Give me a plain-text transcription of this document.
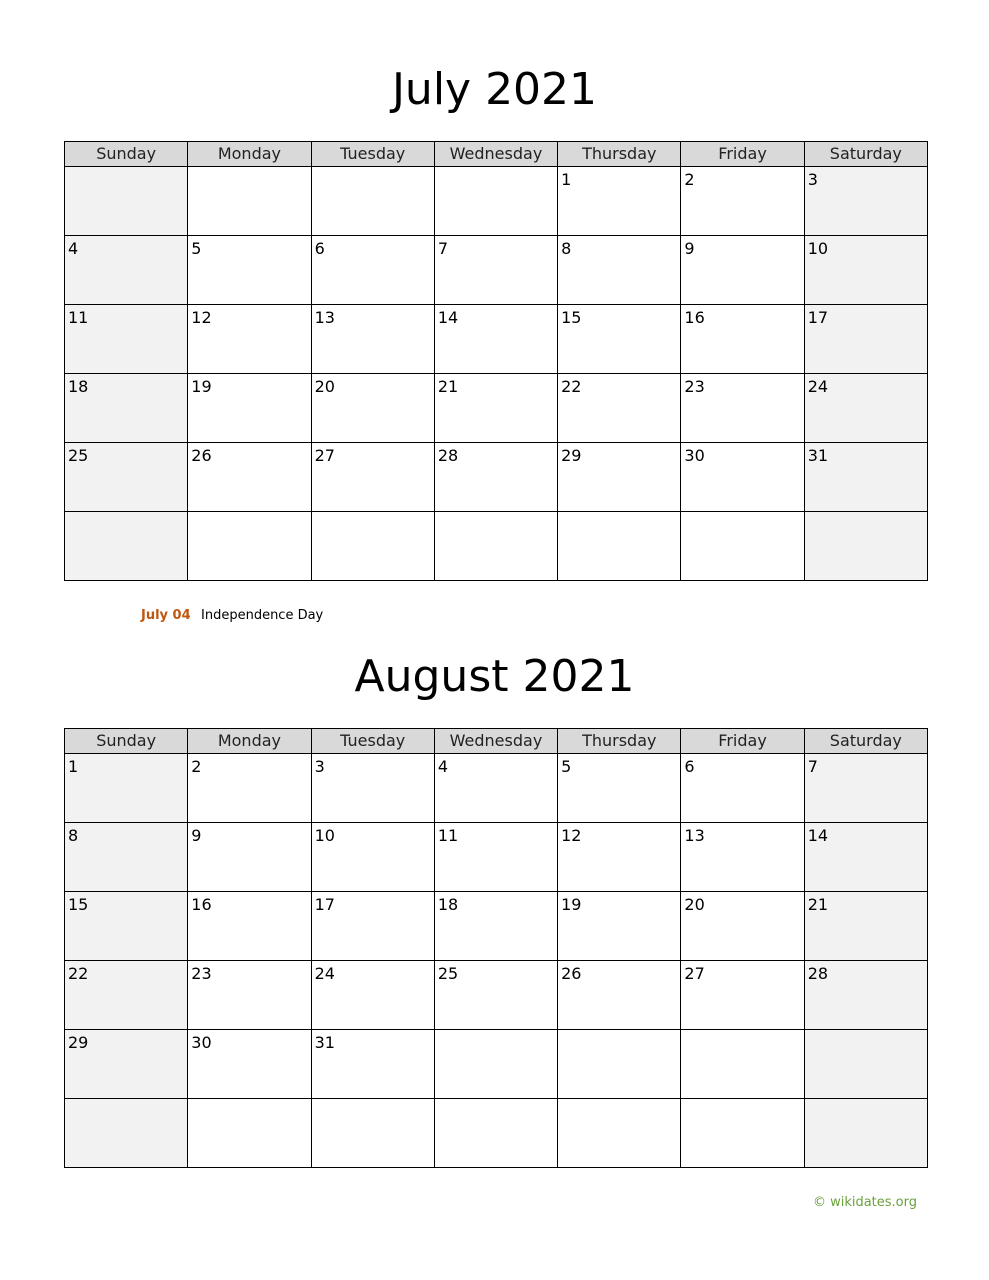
July 2021
Sunday	Monday	Tuesday	Wednesday	Thursday	Friday	Saturday

				1	2	3

4	5	6	7	8	9	10

11	12	13	14	15	16	17

18	19	20	21	22	23	24

25	26	27	28	29	30	31

July 04 Independence Day
August 2021
Sunday	Monday	Tuesday	Wednesday	Thursday	Friday	Saturday

1	2	3	4	5	6	7

8	9	10	11	12	13	14

15	16	17	18	19	20	21

22	23	24	25	26	27	28

29	30	31				

© wikidates.org
